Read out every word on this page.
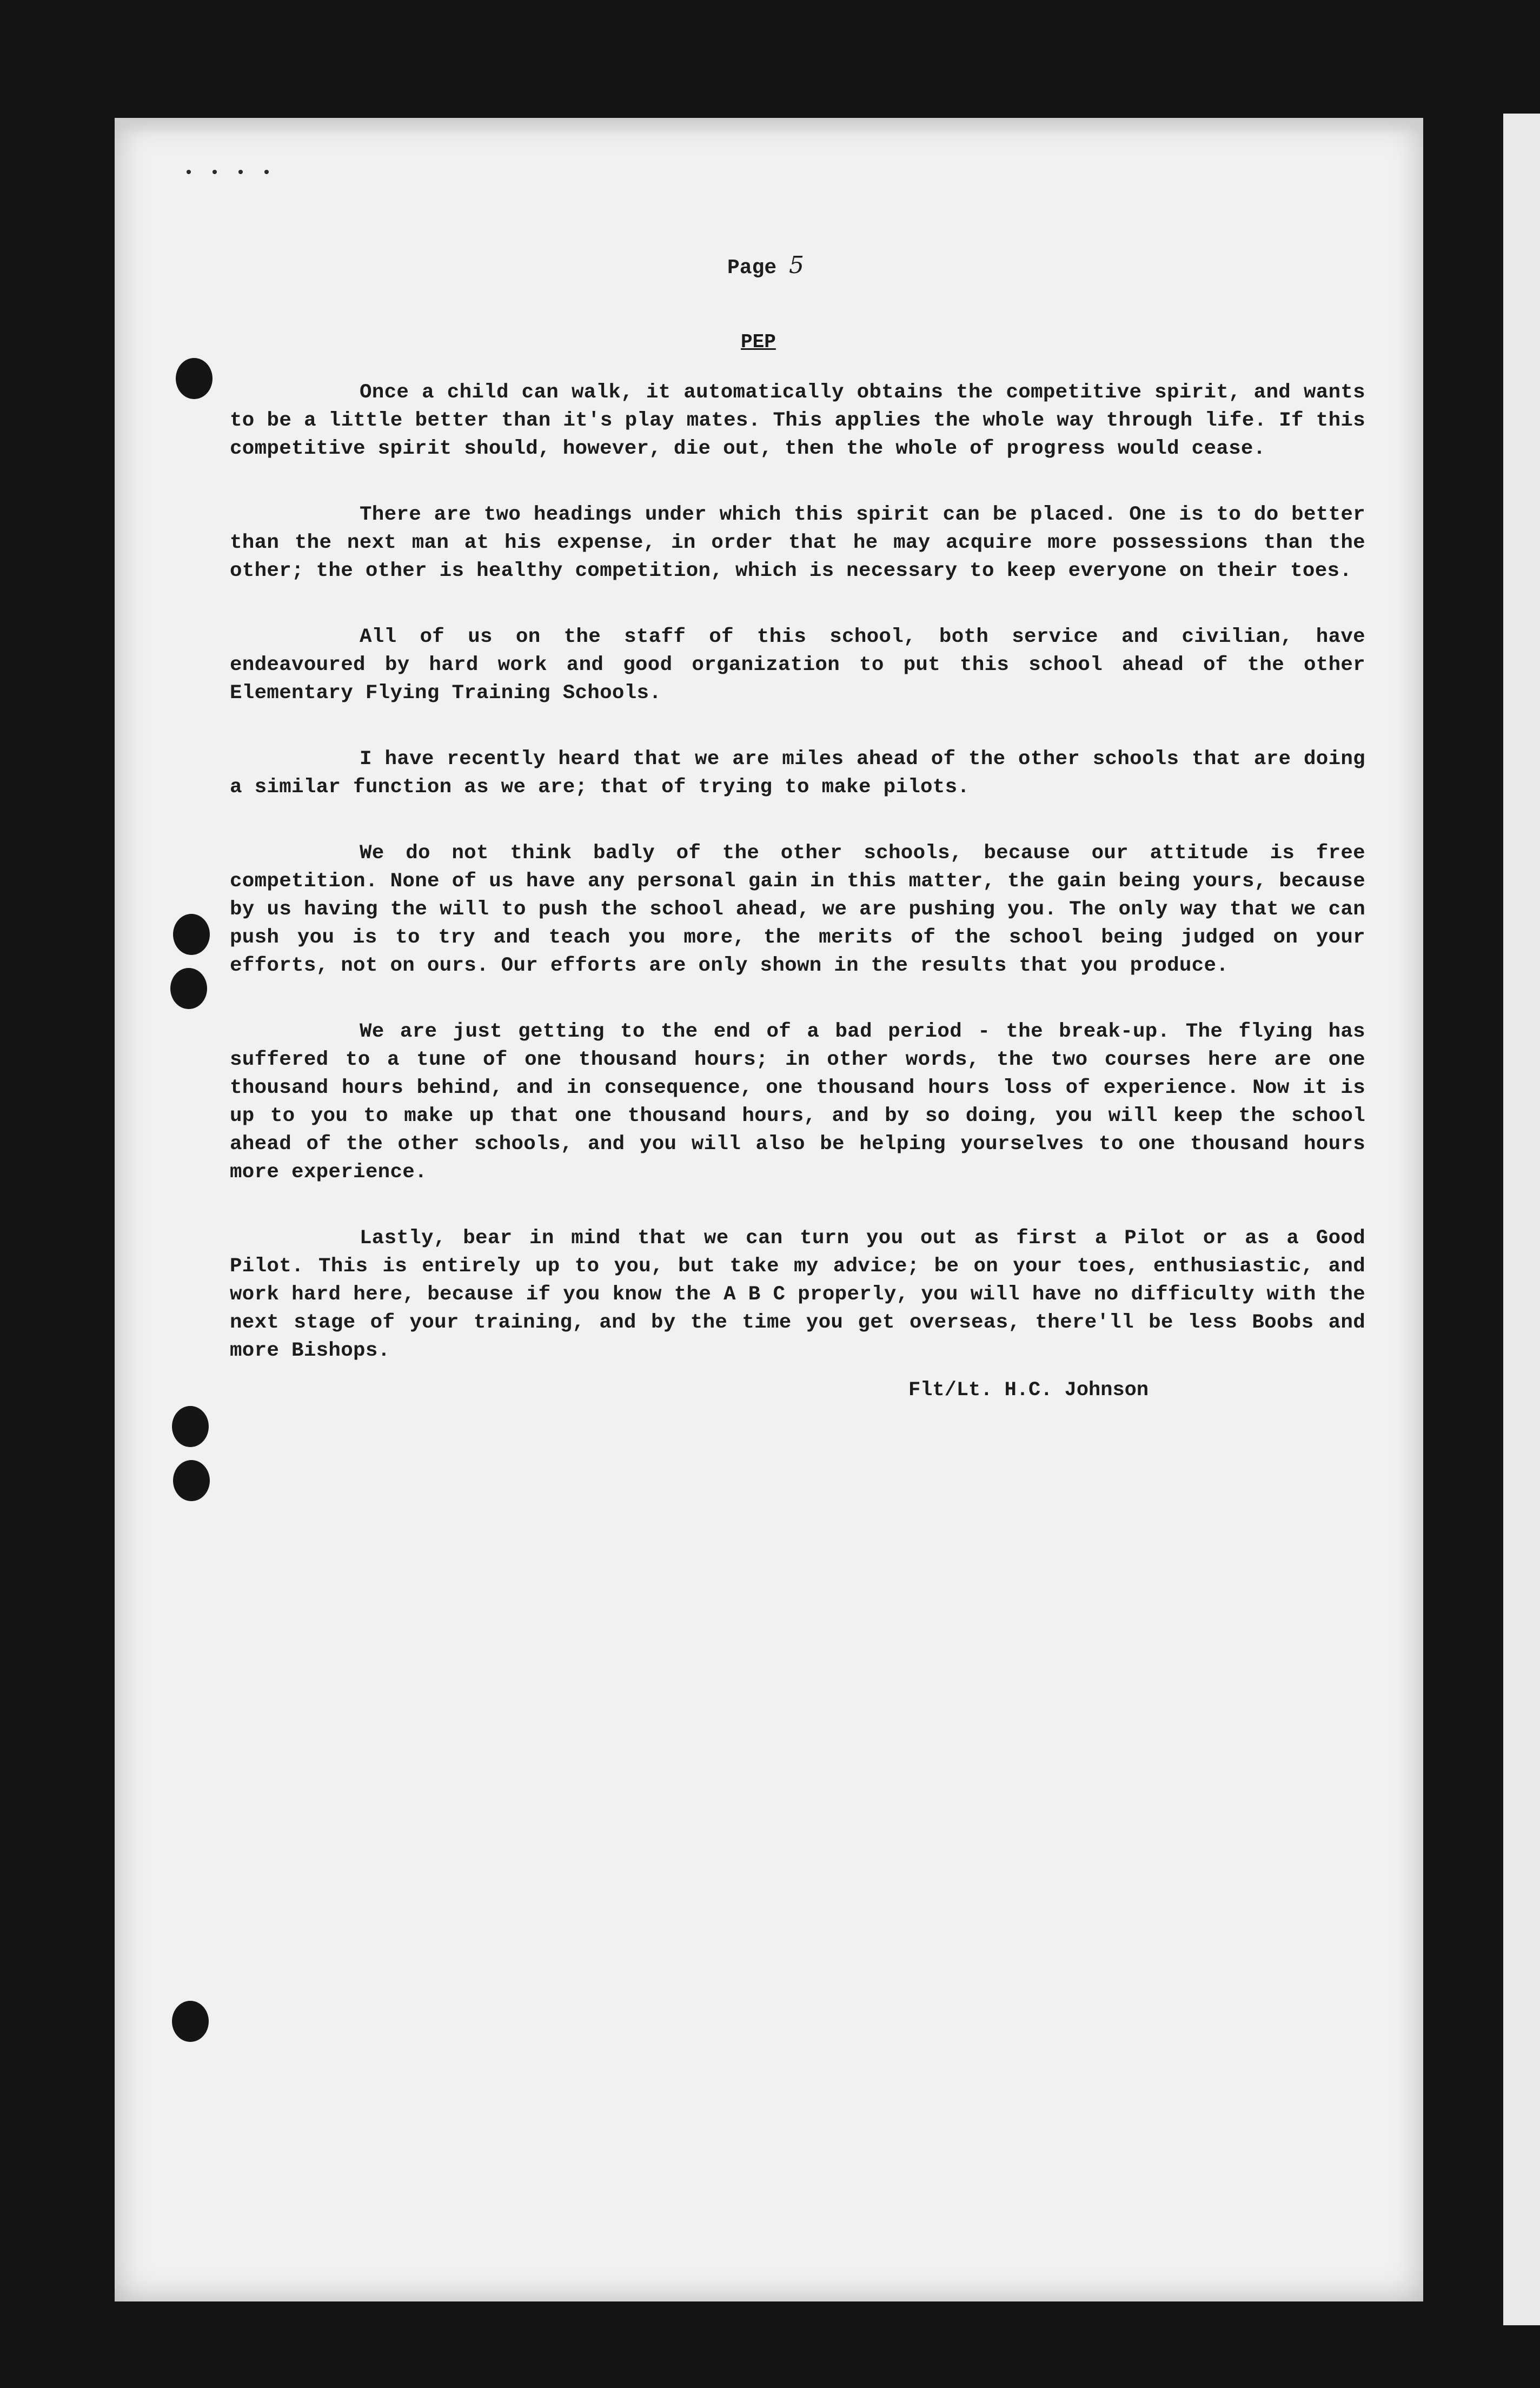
• • • •
Page 5
PEP

Once a child can walk, it automatically obtains the competitive spirit, and wants to be a little better than it's play mates. This applies the whole way through life. If this competitive spirit should, however, die out, then the whole of progress would cease.

There are two headings under which this spirit can be placed. One is to do better than the next man at his expense, in order that he may acquire more possessions than the other; the other is healthy competition, which is necessary to keep everyone on their toes.

All of us on the staff of this school, both service and civilian, have endeavoured by hard work and good organization to put this school ahead of the other Elementary Flying Training Schools.

I have recently heard that we are miles ahead of the other schools that are doing a similar function as we are; that of trying to make pilots.

We do not think badly of the other schools, because our attitude is free competition. None of us have any personal gain in this matter, the gain being yours, because by us having the will to push the school ahead, we are pushing you. The only way that we can push you is to try and teach you more, the merits of the school being judged on your efforts, not on ours. Our efforts are only shown in the results that you produce.

We are just getting to the end of a bad period - the break-up. The flying has suffered to a tune of one thousand hours; in other words, the two courses here are one thousand hours behind, and in consequence, one thousand hours loss of experience. Now it is up to you to make up that one thousand hours, and by so doing, you will keep the school ahead of the other schools, and you will also be helping yourselves to one thousand hours more experience.

Lastly, bear in mind that we can turn you out as first a Pilot or as a Good Pilot. This is entirely up to you, but take my advice; be on your toes, enthusiastic, and work hard here, because if you know the A B C properly, you will have no difficulty with the next stage of your training, and by the time you get overseas, there'll be less Boobs and more Bishops.

Flt/Lt. H.C. Johnson
